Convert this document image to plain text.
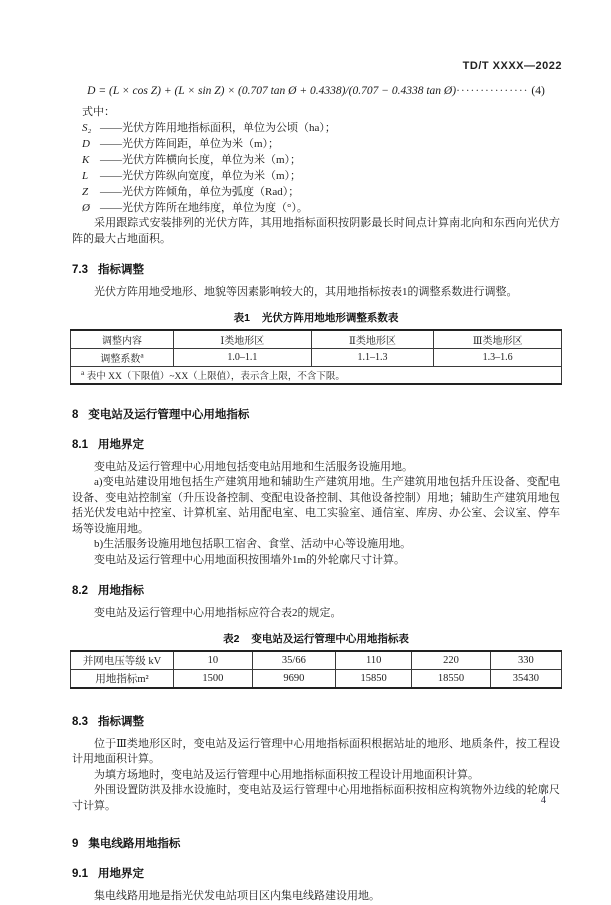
TD/T XXXX—2022
D = (L × cos Z) + (L × sin Z) × (0.707 tan Ø + 0.4338)/(0.707 − 0.4338 tan Ø)··············· (4)
式中：
S₂ ——光伏方阵用地指标面积，单位为公顷（ha）；
D ——光伏方阵间距，单位为米（m）；
K ——光伏方阵横向长度，单位为米（m）；
L ——光伏方阵纵向宽度，单位为米（m）；
Z ——光伏方阵倾角，单位为弧度（Rad）；
Ø ——光伏方阵所在地纬度，单位为度（°）。

采用跟踪式安装排列的光伏方阵，其用地指标面积按阴影最长时间点计算南北向和东西向光伏方阵的最大占地面积。

7.3 指标调整

光伏方阵用地受地形、地貌等因素影响较大的，其用地指标按表1的调整系数进行调整。

表1 光伏方阵用地地形调整系数表
调整内容	Ⅰ类地形区	Ⅱ类地形区	Ⅲ类地形区
调整系数$^a$	1.0–1.1	1.1–1.3	1.3–1.6
$^a$ 表中 XX（下限值）~XX（上限值），表示含上限，不含下限。			
8 变电站及运行管理中心用地指标
8.1 用地界定

变电站及运行管理中心用地包括变电站用地和生活服务设施用地。

a)变电站建设用地包括生产建筑用地和辅助生产建筑用地。生产建筑用地包括升压设备、变配电设备、变电站控制室（升压设备控制、变配电设备控制、其他设备控制）用地；辅助生产建筑用地包括光伏发电站中控室、计算机室、站用配电室、电工实验室、通信室、库房、办公室、会议室、停车场等设施用地。

b)生活服务设施用地包括职工宿舍、食堂、活动中心等设施用地。

变电站及运行管理中心用地面积按围墙外1m的外轮廓尺寸计算。

8.2 用地指标

变电站及运行管理中心用地指标应符合表2的规定。

表2 变电站及运行管理中心用地指标表
并网电压等级 kV	10	35/66	110	220	330
用地指标m²	1500	9690	15850	18550	35430
8.3 指标调整

位于Ⅲ类地形区时，变电站及运行管理中心用地指标面积根据站址的地形、地质条件，按工程设计用地面积计算。

为填方场地时，变电站及运行管理中心用地指标面积按工程设计用地面积计算。

外围设置防洪及排水设施时，变电站及运行管理中心用地指标面积按相应构筑物外边线的轮廓尺寸计算。

9 集电线路用地指标
9.1 用地界定

集电线路用地是指光伏发电站项目区内集电线路建设用地。

4
